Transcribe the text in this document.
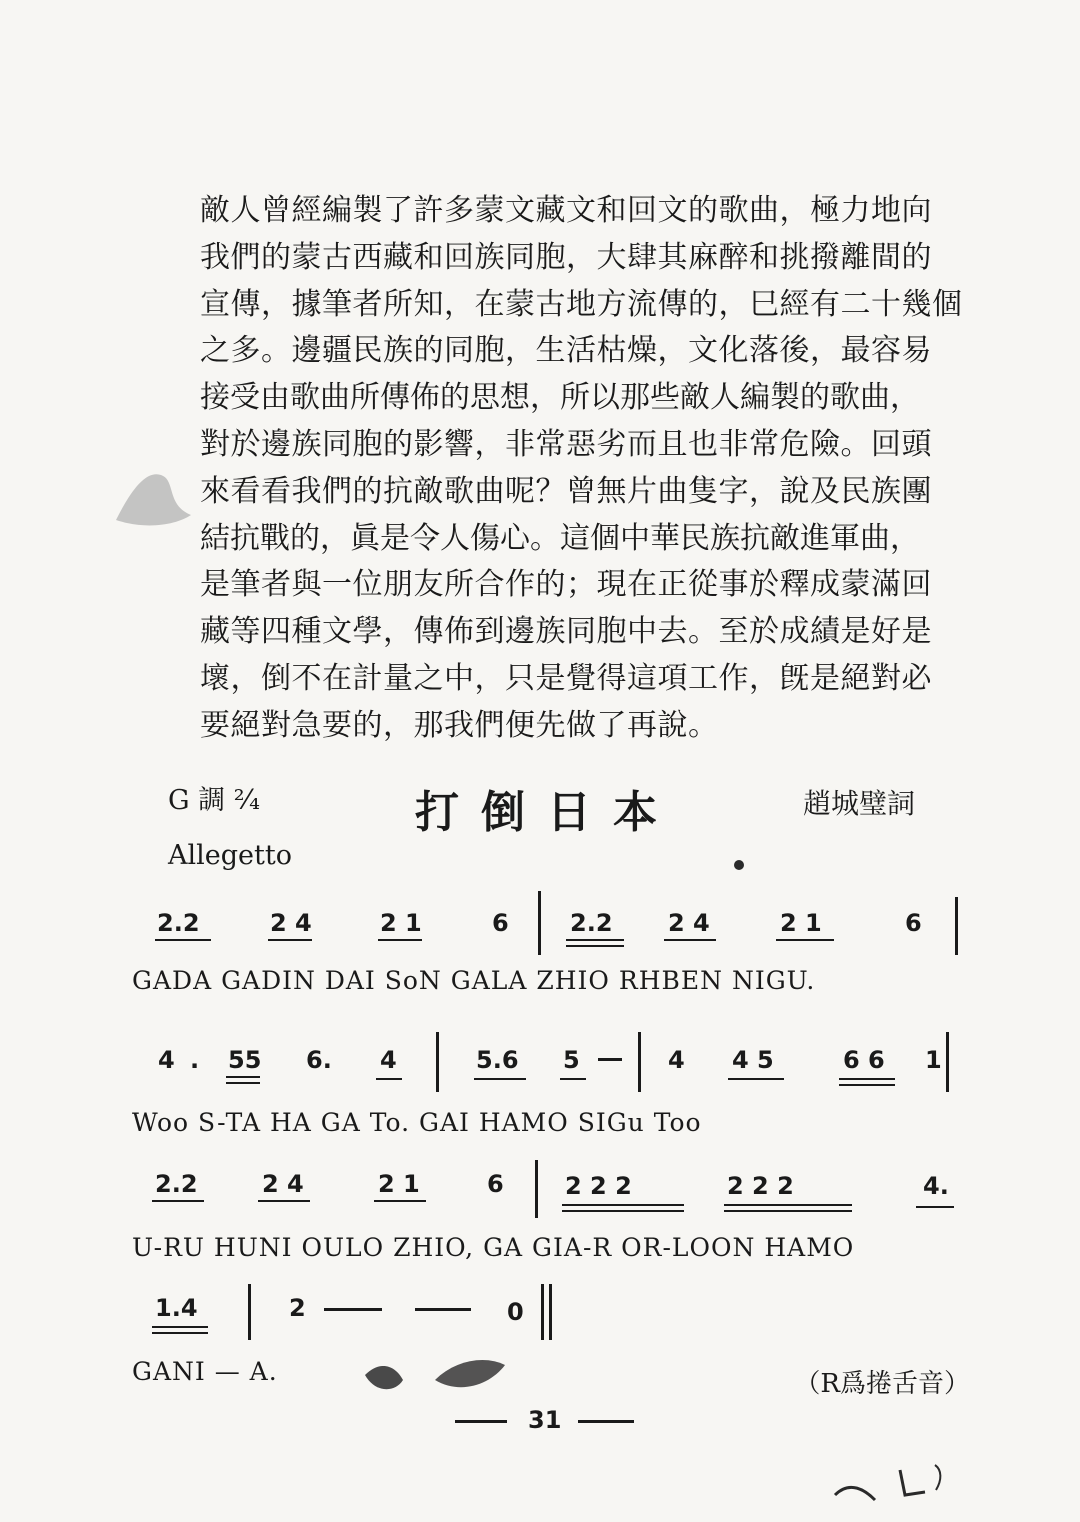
敵人曾經編製了許多蒙文藏文和回文的歌曲，極力地向
我們的蒙古西藏和回族同胞，大肆其麻醉和挑撥離間的
宣傳，據筆者所知，在蒙古地方流傳的，巳經有二十幾個
之多。邊疆民族的同胞，生活枯燥，文化落後，最容易
接受由歌曲所傳佈的思想，所以那些敵人編製的歌曲，
對於邊族同胞的影響，非常惡劣而且也非常危險。回頭
來看看我們的抗敵歌曲呢？曾無片曲隻字，說及民族團
結抗戰的，眞是令人傷心。這個中華民族抗敵進軍曲，
是筆者與一位朋友所合作的；現在正從事於釋成蒙滿回
藏等四種文學，傳佈到邊族同胞中去。至於成績是好是
壞，倒不在計量之中，只是覺得這項工作，旣是絕對必
要絕對急要的，那我們便先做了再說。
G 調 ²⁄₄	打倒日本	趙城璧詞
Allegetto
2.2	2 4	2 1	6	2.2 2 4	2 1	6
GADA GADIN DAI SoN GALA ZHIO RHBEN NIGU.
4 . 55 6. 4	5.6 5	4 4 5	6 6 1
Woo S-TA HA GA To. GAI HAMO SIGu Too
2.2	2 4	2 1	6	2 2 2	2 2 2	4.
U-RU HUNI OULO ZHIO, GA GIA-R OR-LOON HAMO
1.4	2	0
GANI — A.	（R爲捲舌音）
31
